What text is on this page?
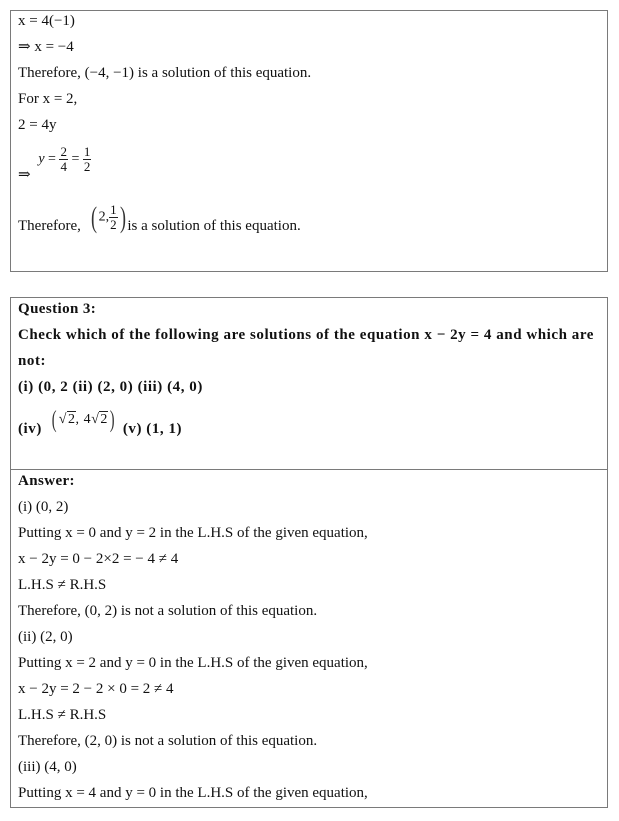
x = 4(−1)
⇒ x = −4
Therefore, (−4, −1) is a solution of this equation.
For x = 2,
2 = 4y
⇒ $y = \frac{2}{4} = \frac{1}{2}$
Therefore, ( 2, $\frac{1}{2}$ ) is a solution of this equation.
Question 3:
Check which of the following are solutions of the equation x − 2y = 4 and which are
not:
(i) (0, 2 (ii) (2, 0) (iii) (4, 0)
(iv) ( √2, 4√2) (v) (1, 1)
Answer:
(i) (0, 2)
Putting x = 0 and y = 2 in the L.H.S of the given equation,
x − 2y = 0 − 2×2 = − 4 ≠ 4
L.H.S ≠ R.H.S
Therefore, (0, 2) is not a solution of this equation.
(ii) (2, 0)
Putting x = 2 and y = 0 in the L.H.S of the given equation,
x − 2y = 2 − 2 × 0 = 2 ≠ 4
L.H.S ≠ R.H.S
Therefore, (2, 0) is not a solution of this equation.
(iii) (4, 0)
Putting x = 4 and y = 0 in the L.H.S of the given equation,
